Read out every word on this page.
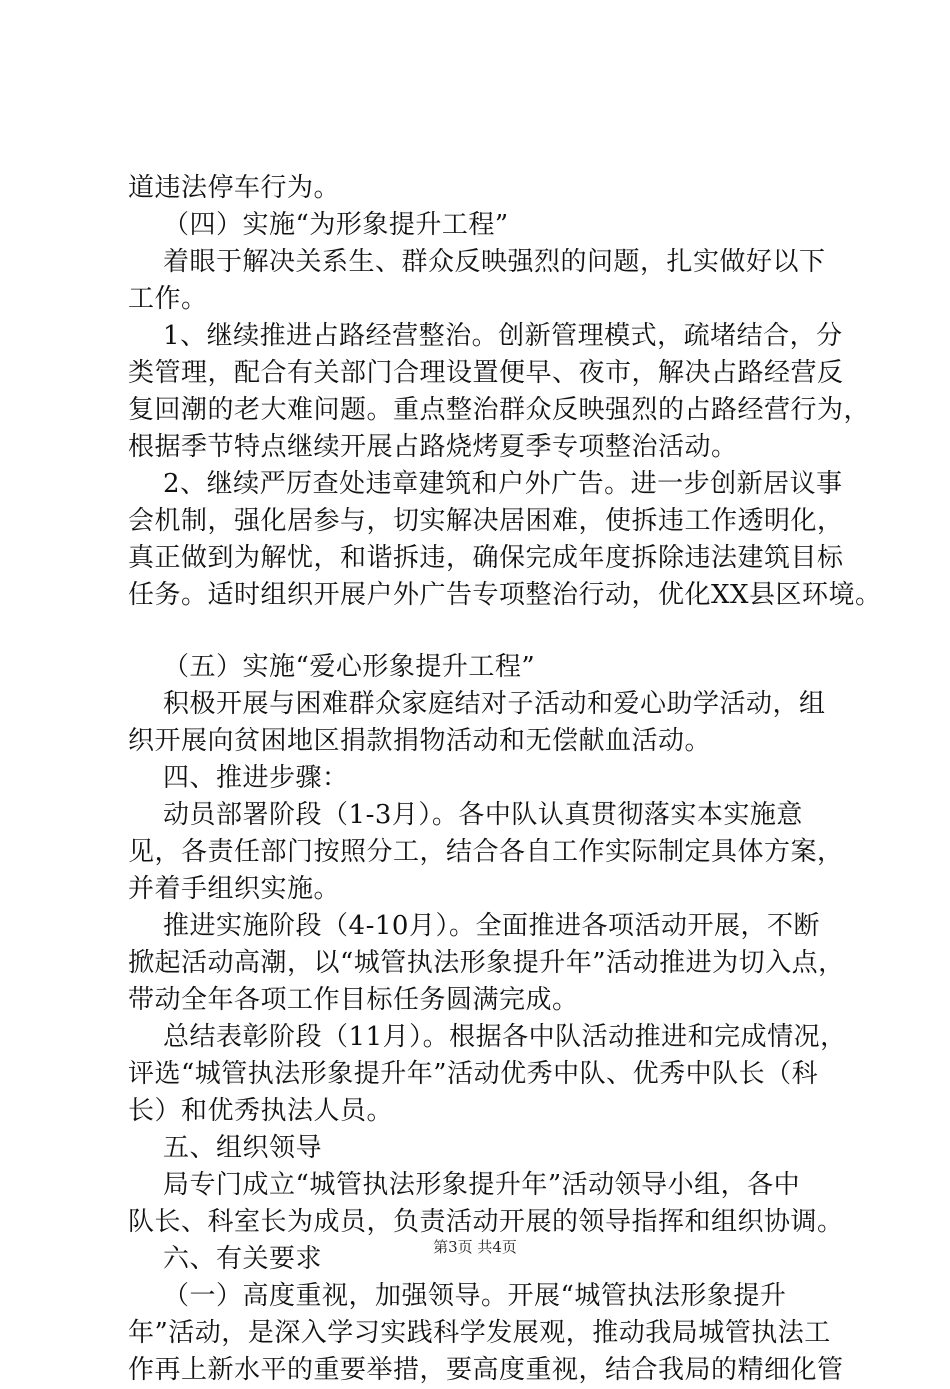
道违法停车行为。
（四）实施“为形象提升工程”
着眼于解决关系生、群众反映强烈的问题，扎实做好以下
工作。
1、继续推进占路经营整治。创新管理模式，疏堵结合，分
类管理，配合有关部门合理设置便早、夜市，解决占路经营反
复回潮的老大难问题。重点整治群众反映强烈的占路经营行为，
根据季节特点继续开展占路烧烤夏季专项整治活动。
2、继续严厉查处违章建筑和户外广告。进一步创新居议事
会机制，强化居参与，切实解决居困难，使拆违工作透明化，
真正做到为解忧，和谐拆违，确保完成年度拆除违法建筑目标
任务。适时组织开展户外广告专项整治行动，优化XX县区环境。
（五）实施“爱心形象提升工程”
积极开展与困难群众家庭结对子活动和爱心助学活动，组
织开展向贫困地区捐款捐物活动和无偿献血活动。
四、推进步骤：
动员部署阶段（1-3月）。各中队认真贯彻落实本实施意
见，各责任部门按照分工，结合各自工作实际制定具体方案，
并着手组织实施。
推进实施阶段（4-10月）。全面推进各项活动开展，不断
掀起活动高潮，以“城管执法形象提升年”活动推进为切入点，
带动全年各项工作目标任务圆满完成。
总结表彰阶段（11月）。根据各中队活动推进和完成情况，
评选“城管执法形象提升年”活动优秀中队、优秀中队长（科
长）和优秀执法人员。
五、组织领导
局专门成立“城管执法形象提升年”活动领导小组，各中
队长、科室长为成员，负责活动开展的领导指挥和组织协调。
六、有关要求
（一）高度重视，加强领导。开展“城管执法形象提升
年”活动，是深入学习实践科学发展观，推动我局城管执法工
作再上新水平的重要举措，要高度重视，结合我局的精细化管
第3页 共4页
